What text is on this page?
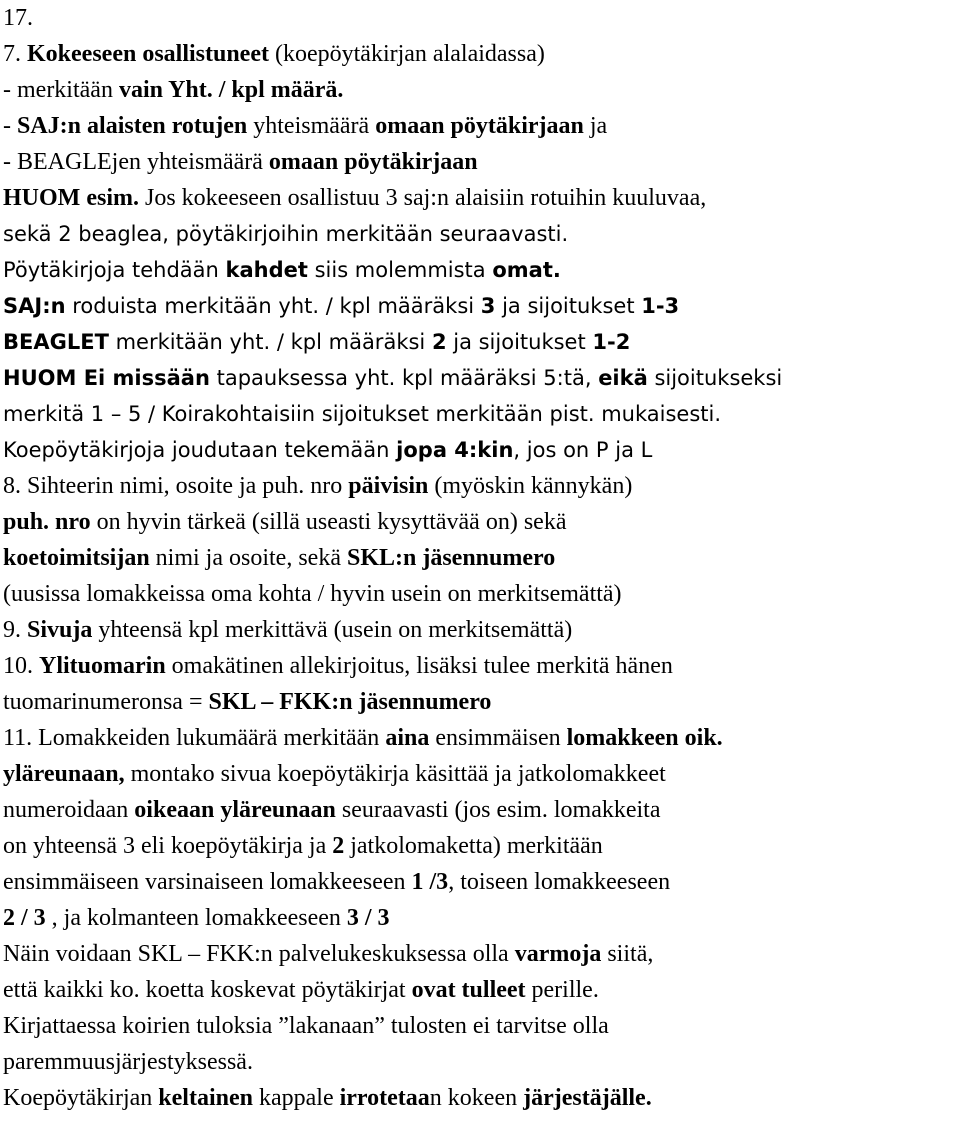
17.
7. Kokeeseen osallistuneet (koepöytäkirjan alalaidassa)
- merkitään vain Yht. / kpl määrä.
- SAJ:n alaisten rotujen yhteismäärä omaan pöytäkirjaan ja
- BEAGLEjen yhteismäärä omaan pöytäkirjaan
HUOM esim. Jos kokeeseen osallistuu 3 saj:n alaisiin rotuihin kuuluvaa,
sekä 2 beaglea, pöytäkirjoihin merkitään seuraavasti.
Pöytäkirjoja tehdään kahdet siis molemmista omat.
SAJ:n roduista merkitään yht. / kpl määräksi 3 ja sijoitukset 1-3
BEAGLET merkitään yht. / kpl määräksi 2 ja sijoitukset 1-2
HUOM Ei missään tapauksessa yht. kpl määräksi 5:tä, eikä sijoitukseksi
merkitä 1 – 5 / Koirakohtaisiin sijoitukset merkitään pist. mukaisesti.
Koepöytäkirjoja joudutaan tekemään jopa 4:kin, jos on P ja L
8. Sihteerin nimi, osoite ja puh. nro päivisin (myöskin kännykän)
puh. nro on hyvin tärkeä (sillä useasti kysyttävää on) sekä
koetoimitsijan nimi ja osoite, sekä SKL:n jäsennumero
(uusissa lomakkeissa oma kohta / hyvin usein on merkitsemättä)
9. Sivuja yhteensä kpl merkittävä (usein on merkitsemättä)
10. Ylituomarin omakätinen allekirjoitus, lisäksi tulee merkitä hänen
tuomarinumeronsa = SKL – FKK:n jäsennumero
11. Lomakkeiden lukumäärä merkitään aina ensimmäisen lomakkeen oik.
yläreunaan, montako sivua koepöytäkirja käsittää ja jatkolomakkeet
numeroidaan oikeaan yläreunaan seuraavasti (jos esim. lomakkeita
on yhteensä 3 eli koepöytäkirja ja 2 jatkolomaketta) merkitään
ensimmäiseen varsinaiseen lomakkeeseen 1 /3, toiseen lomakkeeseen
2 / 3 , ja kolmanteen lomakkeeseen 3 / 3
Näin voidaan SKL – FKK:n palvelukeskuksessa olla varmoja siitä,
että kaikki ko. koetta koskevat pöytäkirjat ovat tulleet perille.
Kirjattaessa koirien tuloksia ”lakanaan” tulosten ei tarvitse olla
paremmuusjärjestyksessä.
Koepöytäkirjan keltainen kappale irrotetaan kokeen järjestäjälle.
